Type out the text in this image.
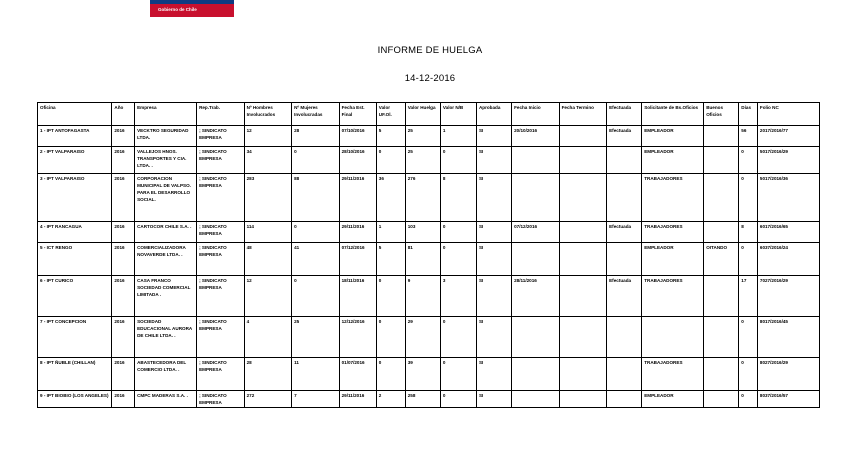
Gobierno de Chile
INFORME DE HUELGA
14-12-2016
Oficina	Año	Empresa	Rep.Trab.	Nº Hombres Involucrados	Nº Mujeres Involucradas	Fecha Est. Final	Valor UF.Ol.	Valor Huelga	Valor N/B	Aprobada	Fecha Inicio	Fecha Termino	Efectuada	Solicitante de Bs.Oficios	Buenos Oficios	Días	Folio NC
1 - IPT ANTOFAGASTA	2016	VECKTRO SEGURIDAD LTDA.	; SINDICATO EMPRESA	12	28	07/10/2016	5	25	1	SI	20/10/2016		Efectuada	EMPLEADOR		56	2017/2016/77
2 - IPT VALPARAISO	2016	VALLEJOS HNOS. TRANSPORTES Y CIA. LTDA. .	; SINDICATO EMPRESA	34	0	28/10/2016	0	25	0	SI				EMPLEADOR		0	5017/2016/29
3 - IPT VALPARAISO	2016	CORPORACION MUNICIPAL DE VALPSO. PARA EL DESARROLLO SOCIAL.	; SINDICATO EMPRESA	283	88	29/11/2016	36	276	8	SI				TRABAJADORES		0	5017/2016/36
4 - IPT RANCAGUA	2016	CARTOCOR CHILE S.A. .	; SINDICATO EMPRESA	114	0	29/11/2016	1	103	0	SI	07/12/2016		Efectuada	TRABAJADORES		8	6017/2016/65
5 - ICT RENGO	2016	COMERCIALIZADORA NOVAVERDE LTDA. .	; SINDICATO EMPRESA	48	41	07/12/2016	5	81	0	SI				EMPLEADOR	OITANDO	0	6037/2016/24
6 - IPT CURICO	2016	CASA FRANCO SOCIEDAD COMERCIAL LIMITADA .	; SINDICATO EMPRESA	12	0	18/11/2016	0	9	3	SI	28/11/2016		Efectuada	TRABAJADORES		17	7027/2016/29
7 - IPT CONCEPCION	2016	SOCIEDAD EDUCACIONAL AURORA DE CHILE LTDA. .	; SINDICATO EMPRESA	4	25	12/12/2016	0	29	0	SI						0	8017/2016/45
8 - IPT ÑUBLE (CHILLAN)	2016	ABASTECEDORA DEL COMERCIO LTDA. .	; SINDICATO EMPRESA	28	11	01/07/2016	0	39	0	SI				TRABAJADORES		0	8027/2016/29
9 - IPT BIOBIO (LOS ANGELES)	2016	CMPC MADERAS S.A. .	; SINDICATO EMPRESA	272	7	29/11/2016	2	258	0	SI				EMPLEADOR		0	8037/2016/57
